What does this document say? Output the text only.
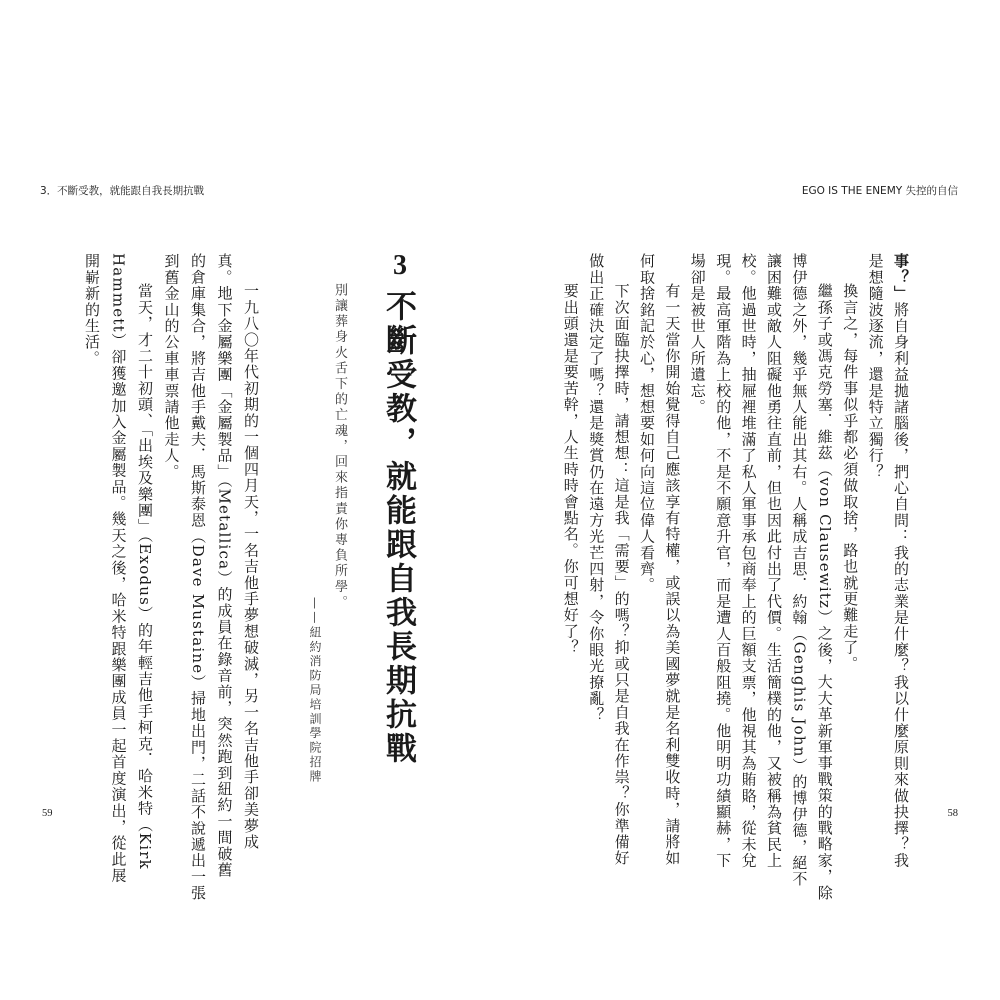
3．不斷受教，就能跟自我長期抗戰	EGO IS THE ENEMY 失控的自信
3
不斷受教，就能跟自我長期抗戰
別讓葬身火舌下的亡魂，回來指責你專負所學。
——紐約消防局培訓學院招牌
一九八〇年代初期的一個四月天，一名吉他手夢想破滅，另一名吉他手卻美夢成
真。地下金屬樂團「金屬製品」（Metallica）的成員在錄音前，突然跑到紐約一間破舊
的倉庫集合，將吉他手戴夫．馬斯泰恩（Dave Mustaine）掃地出門，二話不說遞出一張
到舊金山的公車車票請他走人。
當天，才二十初頭、「出埃及樂團」（Exodus）的年輕吉他手柯克．哈米特（Kirk
Hammett）卻獲邀加入金屬製品。幾天之後，哈米特跟樂團成員一起首度演出，從此展
開嶄新的生活。	事？」將自身利益拋諸腦後，捫心自問：我的志業是什麼？我以什麼原則來做抉擇？我
是想隨波逐流，還是特立獨行？
換言之，每件事似乎都必須做取捨，路也就更難走了。
繼孫子或馮克勞塞．維茲（von Clausewitz）之後，大大革新軍事戰策的戰略家，除
博伊德之外，幾乎無人能出其右。人稱成吉思．約翰（Genghis John）的博伊德，絕不
讓困難或敵人阻礙他勇往直前，但也因此付出了代價。生活簡樸的他，又被稱為貧民上
校。他過世時，抽屜裡堆滿了私人軍事承包商奉上的巨額支票，他視其為賄賂，從未兌
現。最高軍階為上校的他，不是不願意升官，而是遭人百般阻撓。他明明功績顯赫，下
場卻是被世人所遺忘。
有一天當你開始覺得自己應該享有特權，或誤以為美國夢就是名利雙收時，請將如
何取捨銘記於心，想想要如何向這位偉人看齊。
下次面臨抉擇時，請想想：這是我「需要」的嗎？抑或只是自我在作祟？你準備好
做出正確決定了嗎？還是獎賞仍在遠方光芒四射，令你眼光撩亂？
要出頭還是要苦幹，人生時時會點名。你可想好了？
59	58
